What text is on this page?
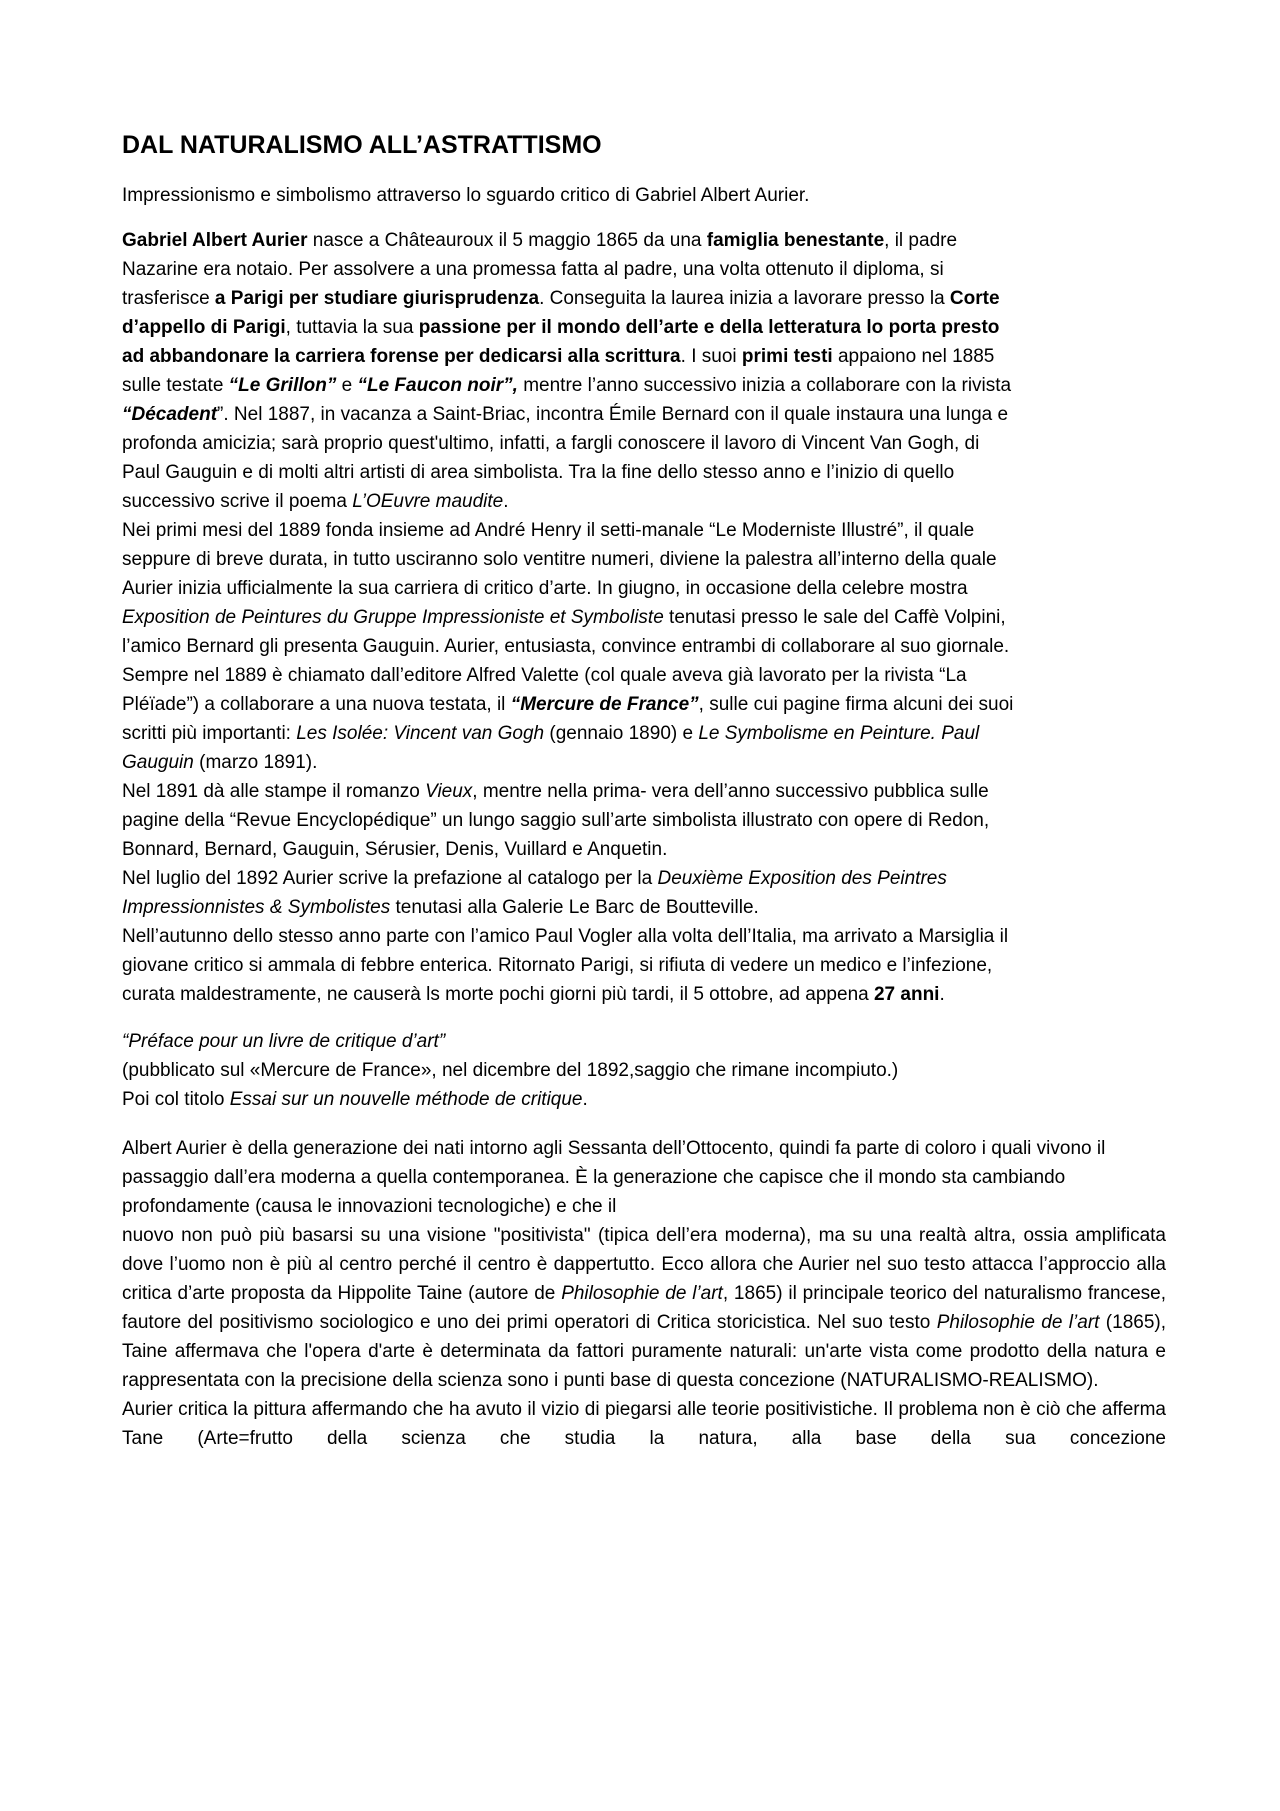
DAL NATURALISMO ALL’ASTRATTISMO
Impressionismo e simbolismo attraverso lo sguardo critico di Gabriel Albert Aurier.

Gabriel Albert Aurier nasce a Châteauroux il 5 maggio 1865 da una famiglia benestante, il padre Nazarine era notaio. Per assolvere a una promessa fatta al padre, una volta ottenuto il diploma, si trasferisce a Parigi per studiare giurisprudenza. Conseguita la laurea inizia a lavorare presso la Corte d’appello di Parigi, tuttavia la sua passione per il mondo dell’arte e della letteratura lo porta presto ad abbandonare la carriera forense per dedicarsi alla scrittura. I suoi primi testi appaiono nel 1885 sulle testate “Le Grillon” e “Le Faucon noir”, mentre l’anno successivo inizia a collaborare con la rivista “Décadent”. Nel 1887, in vacanza a Saint-Briac, incontra Émile Bernard con il quale instaura una lunga e profonda amicizia; sarà proprio quest'ultimo, infatti, a fargli conoscere il lavoro di Vincent Van Gogh, di Paul Gauguin e di molti altri artisti di area simbolista. Tra la fine dello stesso anno e l’inizio di quello successivo scrive il poema L’OEuvre maudite.

Nei primi mesi del 1889 fonda insieme ad André Henry il setti-manale “Le Moderniste Illustré”, il quale seppure di breve durata, in tutto usciranno solo ventitre numeri, diviene la palestra all’interno della quale Aurier inizia ufficialmente la sua carriera di critico d’arte. In giugno, in occasione della celebre mostra Exposition de Peintures du Gruppe Impressioniste et Symboliste tenutasi presso le sale del Caffè Volpini, l’amico Bernard gli presenta Gauguin. Aurier, entusiasta, convince entrambi di collaborare al suo giornale.

Sempre nel 1889 è chiamato dall’editore Alfred Valette (col quale aveva già lavorato per la rivista “La Pléïade”) a collaborare a una nuova testata, il “Mercure de France”, sulle cui pagine firma alcuni dei suoi scritti più importanti: Les Isolée: Vincent van Gogh (gennaio 1890) e Le Symbolisme en Peinture. Paul Gauguin (marzo 1891).

Nel 1891 dà alle stampe il romanzo Vieux, mentre nella prima- vera dell’anno successivo pubblica sulle pagine della “Revue Encyclopédique” un lungo saggio sull’arte simbolista illustrato con opere di Redon, Bonnard, Bernard, Gauguin, Sérusier, Denis, Vuillard e Anquetin.

Nel luglio del 1892 Aurier scrive la prefazione al catalogo per la Deuxième Exposition des Peintres Impressionnistes & Symbolistes tenutasi alla Galerie Le Barc de Boutteville.

Nell’autunno dello stesso anno parte con l’amico Paul Vogler alla volta dell’Italia, ma arrivato a Marsiglia il giovane critico si ammala di febbre enterica. Ritornato Parigi, si rifiuta di vedere un medico e l’infezione, curata maldestramente, ne causerà ls morte pochi giorni più tardi, il 5 ottobre, ad appena 27 anni.

“Préface pour un livre de critique d’art”

(pubblicato sul «Mercure de France», nel dicembre del 1892,saggio che rimane incompiuto.)

Poi col titolo Essai sur un nouvelle méthode de critique.

Albert Aurier è della generazione dei nati intorno agli Sessanta dell’Ottocento, quindi fa parte di coloro i quali vivono il passaggio dall’era moderna a quella contemporanea. È la generazione che capisce che il mondo sta cambiando profondamente (causa le innovazioni tecnologiche) e che il

nuovo non può più basarsi su una visione "positivista" (tipica dell’era moderna), ma su una realtà altra, ossia amplificata dove l’uomo non è più al centro perché il centro è dappertutto. Ecco allora che Aurier nel suo testo attacca l’approccio alla critica d’arte proposta da Hippolite Taine (autore de Philosophie de l’art, 1865) il principale teorico del naturalismo francese, fautore del positivismo sociologico e uno dei primi operatori di Critica storicistica. Nel suo testo Philosophie de l’art (1865), Taine affermava che l'opera d'arte è determinata da fattori puramente naturali: un'arte vista come prodotto della natura e rappresentata con la precisione della scienza sono i punti base di questa concezione (NATURALISMO-REALISMO).

Aurier critica la pittura affermando che ha avuto il vizio di piegarsi alle teorie positivistiche. Il problema non è ciò che afferma Tane (Arte=frutto della scienza che studia la natura, alla base della sua concezione
